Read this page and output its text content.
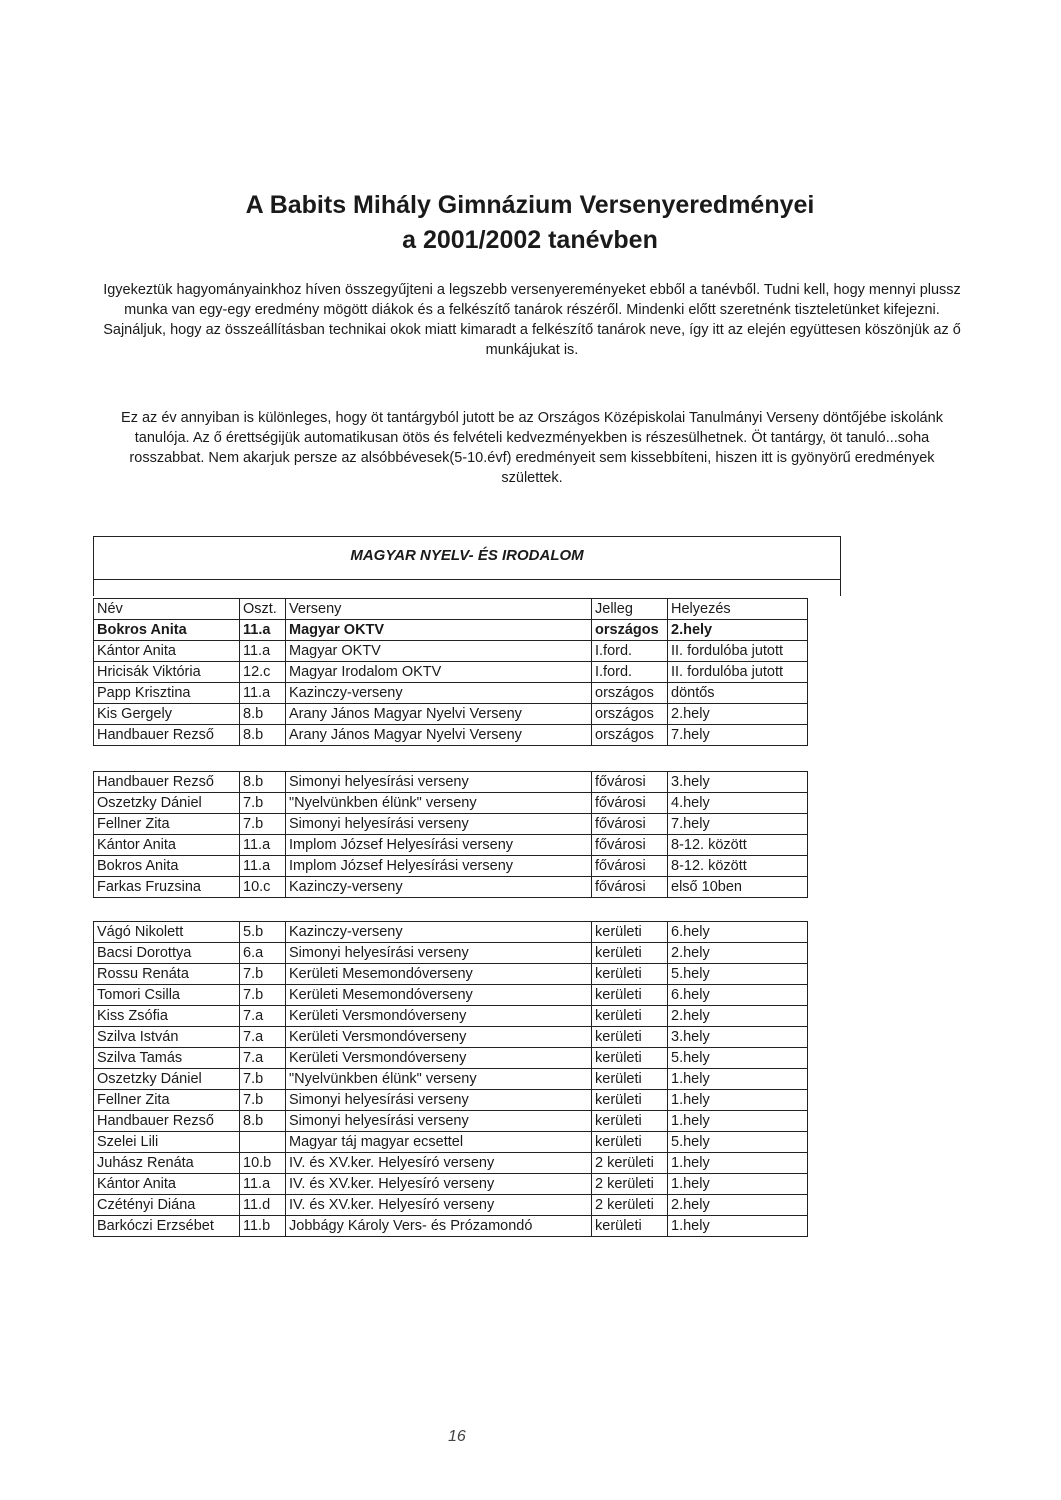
A Babits Mihály Gimnázium Versenyeredményei
a 2001/2002 tanévben
Igyekeztük hagyományainkhoz híven összegyűjteni a legszebb versenyereményeket ebből a tanévből. Tudni kell, hogy mennyi plussz munka van egy-egy eredmény mögött diákok és a felkészítő tanárok részéről. Mindenki előtt szeretnénk tiszteletünket kifejezni. Sajnáljuk, hogy az összeállításban technikai okok miatt kimaradt a felkészítő tanárok neve, így itt az elején együttesen köszönjük az ő munkájukat is.
Ez az év annyiban is különleges, hogy öt tantárgyból jutott be az Országos Középiskolai Tanulmányi Verseny döntőjébe iskolánk tanulója. Az ő érettségijük automatikusan ötös és felvételi kedvezményekben is részesülhetnek. Öt tantárgy, öt tanuló...soha rosszabbat. Nem akarjuk persze az alsóbbévesek(5-10.évf) eredményeit sem kissebbíteni, hiszen itt is gyönyörű eredmények születtek.
MAGYAR NYELV- ÉS IRODALOM
Név	Oszt.	Verseny	Jelleg	Helyezés
Bokros Anita	11.a	Magyar OKTV	országos	2.hely
Kántor Anita	11.a	Magyar OKTV	I.ford.	II. fordulóba jutott
Hricisák Viktória	12.c	Magyar Irodalom OKTV	I.ford.	II. fordulóba jutott
Papp Krisztina	11.a	Kazinczy-verseny	országos	döntős
Kis Gergely	8.b	Arany János Magyar Nyelvi Verseny	országos	2.hely
Handbauer Rezső	8.b	Arany János Magyar Nyelvi Verseny	országos	7.hely
Handbauer Rezső	8.b	Simonyi helyesírási verseny	fővárosi	3.hely
Oszetzky Dániel	7.b	"Nyelvünkben élünk" verseny	fővárosi	4.hely
Fellner Zita	7.b	Simonyi helyesírási verseny	fővárosi	7.hely
Kántor Anita	11.a	Implom József Helyesírási verseny	fővárosi	8-12. között
Bokros Anita	11.a	Implom József Helyesírási verseny	fővárosi	8-12. között
Farkas Fruzsina	10.c	Kazinczy-verseny	fővárosi	első 10ben
Vágó Nikolett	5.b	Kazinczy-verseny	kerületi	6.hely
Bacsi Dorottya	6.a	Simonyi helyesírási verseny	kerületi	2.hely
Rossu Renáta	7.b	Kerületi Mesemondóverseny	kerületi	5.hely
Tomori Csilla	7.b	Kerületi Mesemondóverseny	kerületi	6.hely
Kiss Zsófia	7.a	Kerületi Versmondóverseny	kerületi	2.hely
Szilva István	7.a	Kerületi Versmondóverseny	kerületi	3.hely
Szilva Tamás	7.a	Kerületi Versmondóverseny	kerületi	5.hely
Oszetzky Dániel	7.b	"Nyelvünkben élünk" verseny	kerületi	1.hely
Fellner Zita	7.b	Simonyi helyesírási verseny	kerületi	1.hely
Handbauer Rezső	8.b	Simonyi helyesírási verseny	kerületi	1.hely
Szelei Lili		Magyar táj magyar ecsettel	kerületi	5.hely
Juhász Renáta	10.b	IV. és XV.ker. Helyesíró verseny	2 kerületi	1.hely
Kántor Anita	11.a	IV. és XV.ker. Helyesíró verseny	2 kerületi	1.hely
Czétényi Diána	11.d	IV. és XV.ker. Helyesíró verseny	2 kerületi	2.hely
Barkóczi Erzsébet	11.b	Jobbágy Károly Vers- és Prózamondó	kerületi	1.hely
16
